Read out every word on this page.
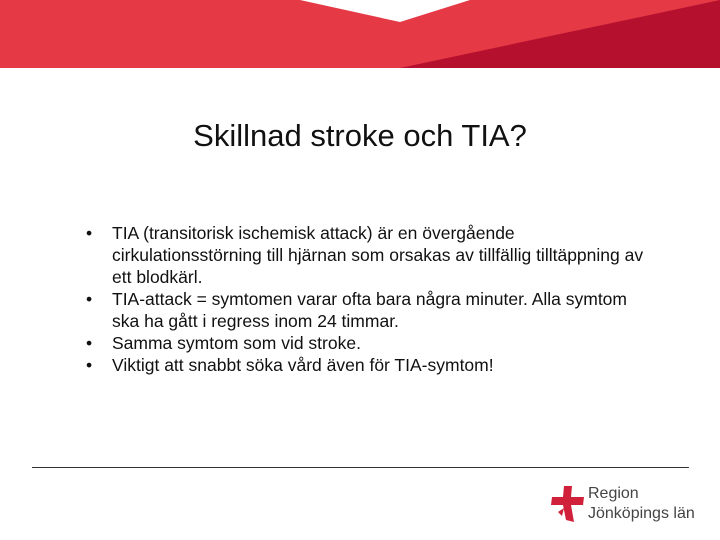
Skillnad stroke och TIA?
• TIA (transitorisk ischemisk attack) är en övergående cirkulationsstörning till hjärnan som orsakas av tillfällig tilltäppning av ett blodkärl.
• TIA-attack = symtomen varar ofta bara några minuter. Alla symtom ska ha gått i regress inom 24 timmar.
• Samma symtom som vid stroke.
• Viktigt att snabbt söka vård även för TIA-symtom!
Region
Jönköpings län
